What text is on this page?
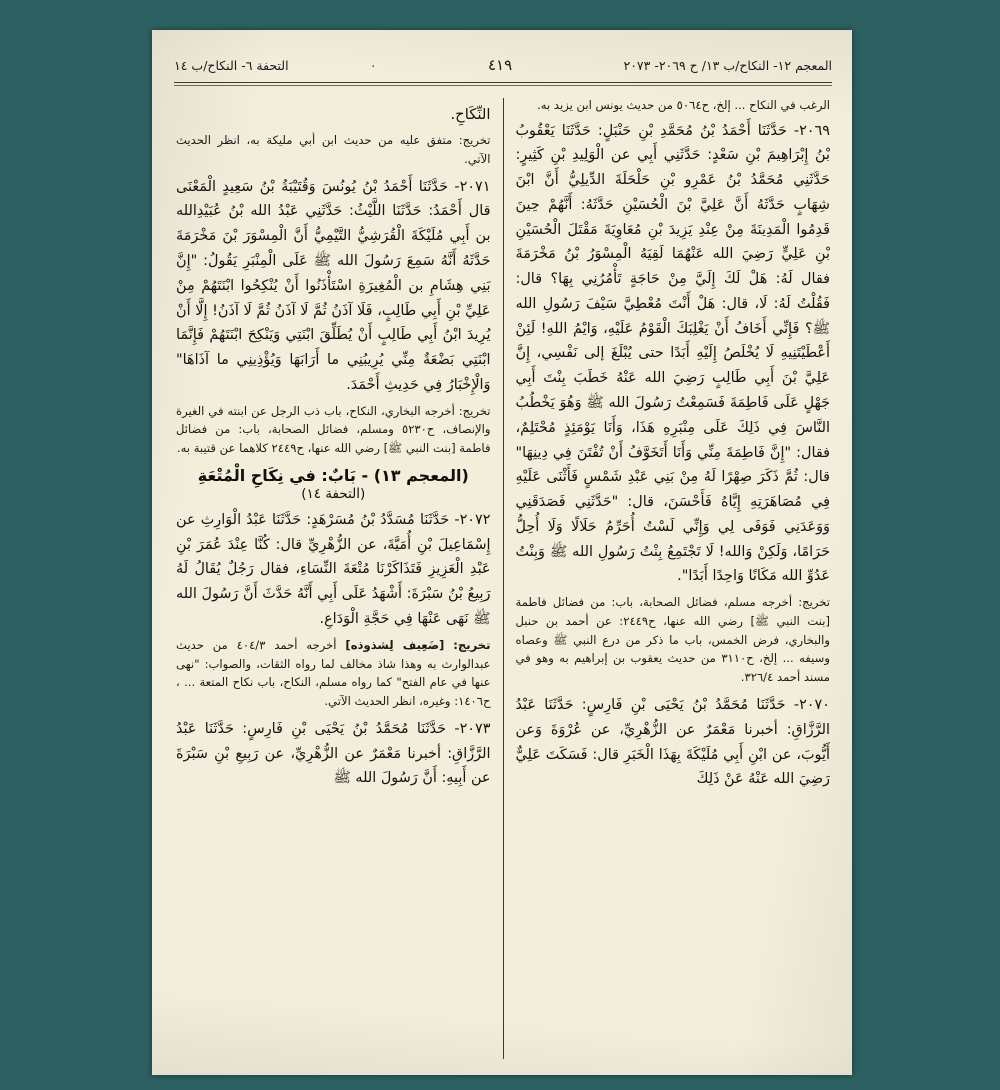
المعجم ١٢- النكاح/ب ١٣/ ح ٢٠٦٩- ٢٠٧٣
٤١٩
٠
التحفة ٦- النكاح/ب ١٤
النِّكَاحِ.
تخريج: متفق عليه من حديث ابن أبي مليكة به، انظر الحديث الآتي.
٢٠٧١- حَدَّثَنَا أَحْمَدُ بْنُ يُونُسَ وَقُتَيْبَةُ بْنُ سَعِيدٍ الْمَعْنَى قال أَحْمَدُ: حَدَّثَنَا اللَّيْثُ: حَدَّثَنِي عَبْدُ الله بْنُ عُبَيْدِالله بن أَبِي مُلَيْكَةَ الْقُرَشِيُّ التَّيْمِيُّ أَنَّ الْمِسْوَرَ بْنَ مَخْرَمَةَ حَدَّثَهُ أَنَّهُ سَمِعَ رَسُولَ الله ﷺ عَلَى الْمِنْبَرِ يَقُولُ: "إِنَّ بَنِي هِشَامِ بن الْمُغِيرَةِ اسْتَأْذَنُوا أَنْ يُنْكِحُوا ابْنَتَهُمْ مِنْ عَلِيِّ بْنِ أَبِي طَالِبٍ، فَلَا آذَنُ ثُمَّ لَا آذَنُ ثُمَّ لَا آذَنُ! إِلَّا أَنْ يُرِيدَ ابْنُ أَبِي طَالِبٍ أَنْ يُطَلِّقَ ابْنَتِي وَيَنْكِحَ ابْنَتَهُمْ فَإِنَّمَا ابْنَتِي بَضْعَةٌ مِنِّي يُرِيبُنِي ما أَرَابَهَا وَيُؤْذِينِي ما آذَاهَا" وَالْإِخْبَارُ فِي حَدِيثِ أَحْمَدَ.
تخريج: أخرجه البخاري، النكاح، باب ذب الرجل عن ابنته في الغيرة والإنصاف، ح٥٢٣٠ ومسلم، فضائل الصحابة، باب: من فضائل فاطمة [بنت النبي ﷺ] رضي الله عنها، ح٢٤٤٩ كلاهما عن قتيبة به.
(المعجم ١٣) - بَابٌ: في نِكَاحِ الْمُتْعَةِ
(التحفة ١٤)
٢٠٧٢- حَدَّثَنَا مُسَدَّدُ بْنُ مُسَرْهَدٍ: حَدَّثَنَا عَبْدُ الْوَارِثِ عن إِسْمَاعِيلَ بْنِ أُمَيَّةَ، عن الزُّهْرِيِّ قال: كُنَّا عِنْدَ عُمَرَ بْنِ عَبْدِ الْعَزِيزِ فَتَذَاكَرْنَا مُتْعَةَ النِّسَاءِ، فقال رَجُلٌ يُقَالُ لَهُ رَبِيعُ بْنُ سَبْرَةَ: أَشْهَدُ عَلَى أَبِي أَنَّهُ حَدَّثَ أَنَّ رَسُولَ الله ﷺ نَهَى عَنْهَا فِي حَجَّةِ الْوَدَاعِ.
تخريج: [ضَعِيف لِشذوذه] أخرجه أحمد ٤٠٤/٣ من حديث عبدالوارث به وهذا شاذ مخالف لما رواه الثقات، والصواب: "نهى عنها في عام الفتح" كما رواه مسلم، النكاح، باب نكاح المتعة ... ، ح١٤٠٦: وغيره، انظر الحديث الآتي.
٢٠٧٣- حَدَّثَنَا مُحَمَّدُ بْنُ يَحْيَى بْنِ فَارِسٍ: حَدَّثَنَا عَبْدُ الرَّزَّاقِ: أخبرنا مَعْمَرٌ عن الزُّهْرِيِّ، عن رَبِيعِ بْنِ سَبْرَةَ عن أَبِيهِ: أَنَّ رَسُولَ الله ﷺ
الرغب في النكاح ... إلخ، ح٥٠٦٤ من حديث يونس ابن يزيد به.
٢٠٦٩- حَدَّثَنَا أَحْمَدُ بْنُ مُحَمَّدِ بْنِ حَنْبَلٍ: حَدَّثَنَا يَعْقُوبُ بْنُ إِبْرَاهِيمَ بْنِ سَعْدٍ: حَدَّثَنِي أَبِي عن الْوَلِيدِ بْنِ كَثِيرٍ: حَدَّثَنِي مُحَمَّدُ بْنُ عَمْرِو بْنِ حَلْحَلَةَ الدِّيلِيُّ أَنَّ ابْنَ شِهَابٍ حَدَّثَهُ أَنَّ عَلِيَّ بْنَ الْحُسَيْنِ حَدَّثَهُ: أَنَّهُمْ حِينَ قَدِمُوا الْمَدِينَةَ مِنْ عِنْدِ يَزِيدَ بْنِ مُعَاوِيَةَ مَقْتَلَ الْحُسَيْنِ بْنِ عَلِيٍّ رَضِيَ الله عَنْهُمَا لَقِيَهُ الْمِسْوَرُ بْنُ مَخْرَمَةَ فقال لَهُ: هَلْ لَكَ إِلَيَّ مِنْ حَاجَةٍ تَأْمُرُنِي بِهَا؟ قال: فَقُلْتُ لَهُ: لَا، قال: هَلْ أَنْتَ مُعْطِيَّ سَيْفَ رَسُولِ الله ﷺ؟ فَإِنِّي أَخَافُ أَنْ يَغْلِبَكَ الْقَوْمُ عَلَيْهِ، وَايْمُ اللهِ! لَئِنْ أَعْطَيْتَنِيهِ لَا يُخْلَصُ إِلَيْهِ أَبَدًا حتى يُبْلَغَ إلى نَفْسِي، إِنَّ عَلِيَّ بْنَ أَبِي طَالِبٍ رَضِيَ الله عَنْهُ خَطَبَ بِنْتَ أَبِي جَهْلٍ عَلَى فَاطِمَةَ فَسَمِعْتُ رَسُولَ الله ﷺ وَهُوَ يَخْطُبُ النَّاسَ فِي ذَلِكَ عَلَى مِنْبَرِهِ هَذَا، وَأَنَا يَوْمَئِذٍ مُحْتَلِمٌ، فقال: "إِنَّ فَاطِمَةَ مِنِّي وَأَنَا أَتَخَوَّفُ أَنْ تُفْتَنَ فِي دِينِهَا" قال: ثُمَّ ذَكَرَ صِهْرًا لَهُ مِنْ بَنِي عَبْدِ شَمْسٍ فَأَثْنَى عَلَيْهِ فِي مُصَاهَرَتِهِ إِيَّاهُ فَأَحْسَنَ، قال: "حَدَّثَنِي فَصَدَقَنِي وَوَعَدَنِي فَوَفَى لِي وَإِنِّي لَسْتُ أُحَرِّمُ حَلَالًا وَلَا أُحِلُّ حَرَامًا، وَلَكِنْ وَالله! لَا تَجْتَمِعُ بِنْتُ رَسُولِ الله ﷺ وَبِنْتُ عَدُوِّ الله مَكَانًا وَاحِدًا أَبَدًا".
تخريج: أخرجه مسلم، فضائل الصحابة، باب: من فضائل فاطمة [بنت النبي ﷺ] رضي الله عنها، ح٢٤٤٩: عن أحمد بن حنبل والبخاري، فرض الخمس، باب ما ذكر من درع النبي ﷺ وعصاه وسيفه ... إلخ، ح٣١١٠ من حديث يعقوب بن إبراهيم به وهو في مسند أحمد ٣٢٦/٤.
٢٠٧٠- حَدَّثَنَا مُحَمَّدُ بْنُ يَحْيَى بْنِ فَارِسٍ: حَدَّثَنَا عَبْدُ الرَّزَّاقِ: أخبرنا مَعْمَرٌ عن الزُّهْرِيِّ، عن عُرْوَةَ وَعن أَيُّوبَ، عن ابْنِ أَبِي مُلَيْكَةَ بِهَذَا الْخَبَرِ قال: فَسَكَتَ عَلِيٌّ رَضِيَ الله عَنْهُ عَنْ ذَلِكَ
